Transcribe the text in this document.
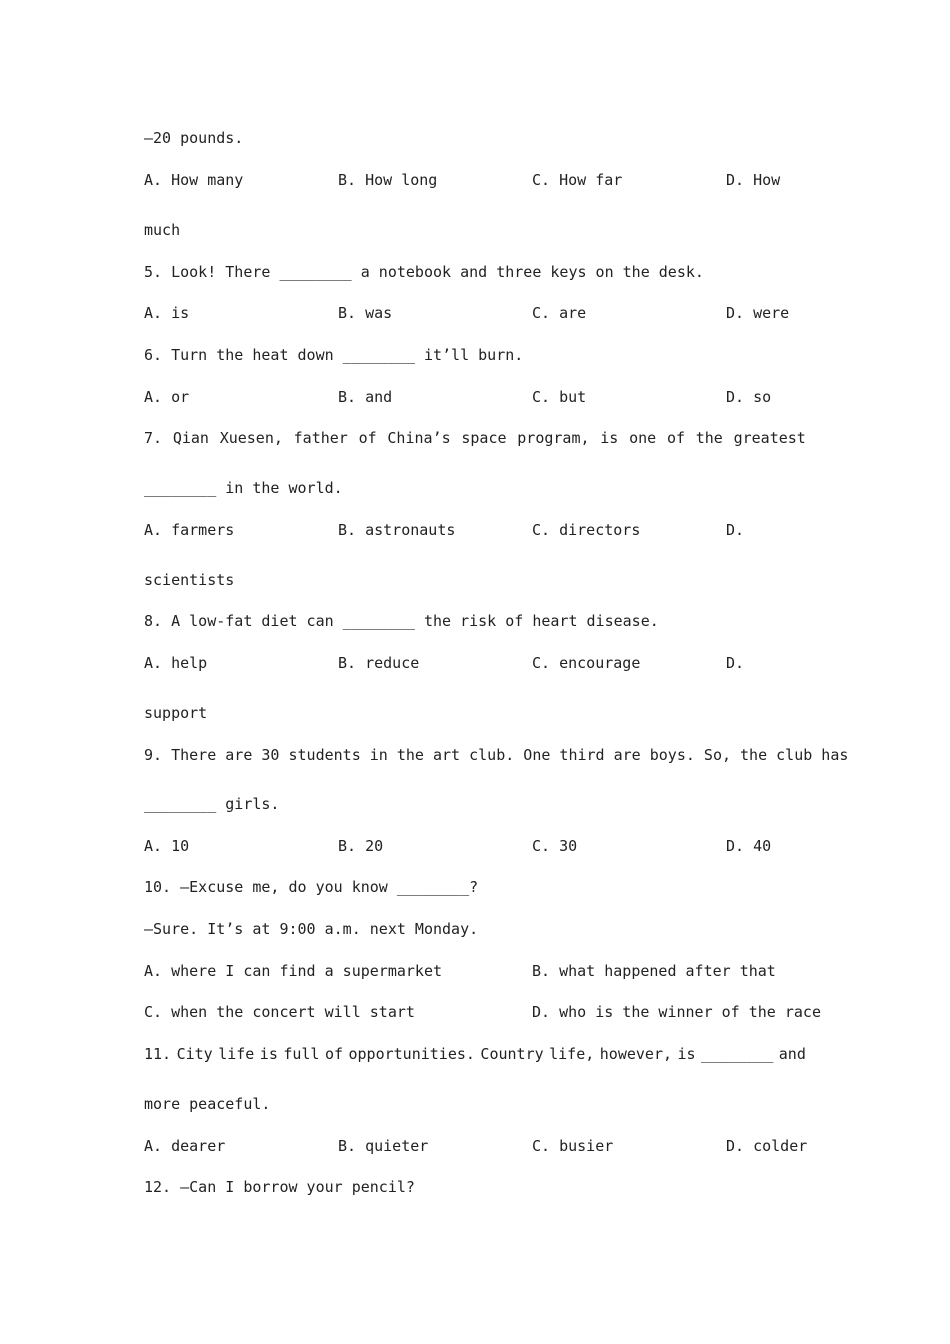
—20 pounds.
A. How many	B. How long	C. How far	D. How
much
5. Look! There ________ a notebook and three keys on the desk.
A. is	B. was	C. are	D. were
6. Turn the heat down ________ it’ll burn.
A. or	B. and	C. but	D. so
7. Qian Xuesen, father of China’s space program, is one of the greatest
________ in the world.
A. farmers	B. astronauts	C. directors	D.
scientists
8. A low-fat diet can ________ the risk of heart disease.
A. help	B. reduce	C. encourage	D.
support
9. There are 30 students in the art club. One third are boys. So, the club has
________ girls.
A. 10	B. 20	C. 30	D. 40
10. —Excuse me, do you know ________?
—Sure. It’s at 9:00 a.m. next Monday.
A. where I can find a supermarket	B. what happened after that
C. when the concert will start	D. who is the winner of the race
11. City life is full of opportunities. Country life, however, is ________ and
more peaceful.
A. dearer	B. quieter	C. busier	D. colder
12. —Can I borrow your pencil?
